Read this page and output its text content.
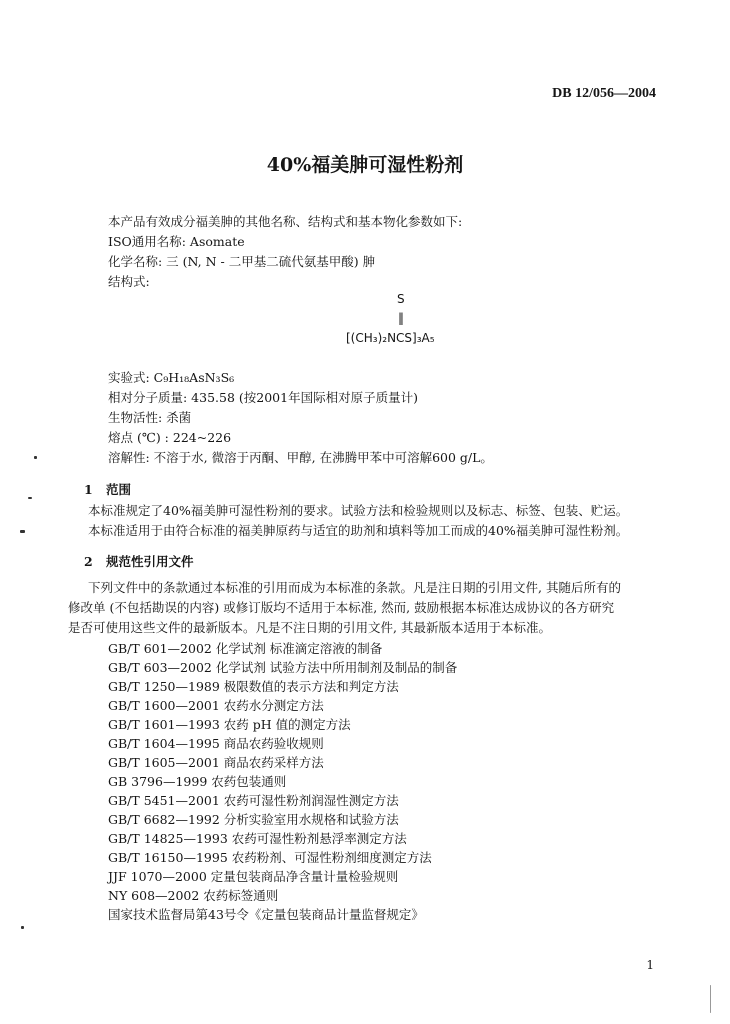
DB 12/056—2004
40%福美胂可湿性粉剂
本产品有效成分福美胂的其他名称、结构式和基本物化参数如下:
ISO通用名称: Asomate
化学名称: 三 (N, N - 二甲基二硫代氨基甲酸) 胂
结构式:
S
‖
[(CH₃)₂NCS]₃A₅
实验式: C₉H₁₈AsN₃S₆
相对分子质量: 435.58 (按2001年国际相对原子质量计)
生物活性: 杀菌
熔点 (℃) : 224~226
溶解性: 不溶于水, 微溶于丙酮、甲醇, 在沸腾甲苯中可溶解600 g/L。
1 范围
本标准规定了40%福美胂可湿性粉剂的要求。试验方法和检验规则以及标志、标签、包装、贮运。
本标准适用于由符合标准的福美胂原药与适宜的助剂和填料等加工而成的40%福美胂可湿性粉剂。
2 规范性引用文件
下列文件中的条款通过本标准的引用而成为本标准的条款。凡是注日期的引用文件, 其随后所有的
修改单 (不包括勘误的内容) 或修订版均不适用于本标准, 然而, 鼓励根据本标准达成协议的各方研究
是否可使用这些文件的最新版本。凡是不注日期的引用文件, 其最新版本适用于本标准。
GB/T 601—2002 化学试剂 标准滴定溶液的制备
GB/T 603—2002 化学试剂 试验方法中所用制剂及制品的制备
GB/T 1250—1989 极限数值的表示方法和判定方法
GB/T 1600—2001 农药水分测定方法
GB/T 1601—1993 农药 pH 值的测定方法
GB/T 1604—1995 商品农药验收规则
GB/T 1605—2001 商品农药采样方法
GB 3796—1999 农药包装通则
GB/T 5451—2001 农药可湿性粉剂润湿性测定方法
GB/T 6682—1992 分析实验室用水规格和试验方法
GB/T 14825—1993 农药可湿性粉剂悬浮率测定方法
GB/T 16150—1995 农药粉剂、可湿性粉剂细度测定方法
JJF 1070—2000 定量包装商品净含量计量检验规则
NY 608—2002 农药标签通则
国家技术监督局第43号令《定量包装商品计量监督规定》
1
